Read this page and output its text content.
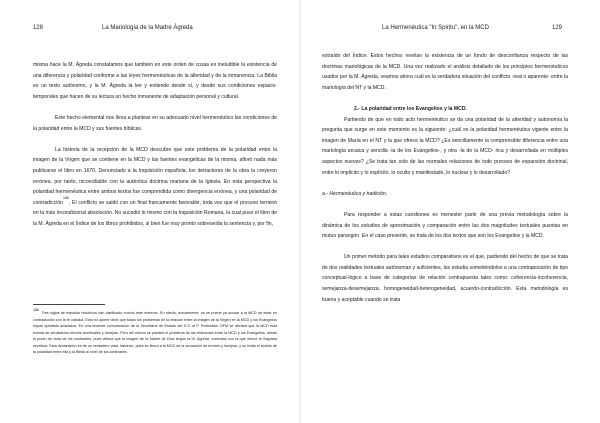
128	La Mariología de la Madre Ágreda

misma hace la M. Ágreda constatamos que también en este orden de cosas es ineludible la existencia de una diferencia y polaridad conforme a las leyes hermenéuticas de la alteridad y de la inmanencia. La Biblia es un texto autónomo, y la M. Ágreda la lee y entiende desde sí, y desde sus condiciones espacio-temporales que hacen de su lectura un hecho inmanente de adaptación personal y cultural.

Este hecho elemental nos lleva a plantear en su adecuado nivel hermenéutico las condiciones de la polaridad entre la MCD y sus fuentes bíblicas.

La historia de la recepción de la MCD descubre que este problema de la polaridad entre la imagen de la Virgen que se contiene en la MCD y las fuentes evangélicas de la misma, afloró nada más publicarse el libro en 1670. Denunciado a la Inquisición española, los detractores de la obra la creyeron errónea, por tanto, inconciliable con la auténtica doctrina mariana de la Iglesia. En esta perspectiva la polaridad hermenéutica entre ambos textos fue comprendida como divergencia errónea, y una polaridad de contradicción$^{186}$. El conflicto se saldó con un final francamente favorable, toda vez que el proceso terminó en la más incondicional absolución. No sucedió lo mismo con la Inquisición Romana, la cual puso el libro de la M. Ágreda en el Índice de los libros prohibidos, si bien fue muy pronto sobreseída la sentencia y, por fin,

$^{186}$  Tres siglos de estudios históricos han clarificado mucho este extremo. En efecto, actualmente, no se puede ya acusar a la MCD de estar en contradicción con la fe católica. Esto no quiere decir que todos los problemas de la relación entre la imagen de la Virgen en la MCD y los Evangelios hayan quedado aclarados. En una reciente comunicación de la Secretaría de Estado del S.S. al P. Postulador OFM se declara que la MCD está exenta de verdaderos errores doctrinales y herejías. Pero allí mismo se plantea el problema de las relaciones entre la MCD y los Evangelios, desde el punto de vista de los contrastes, pues afirma que la imagen de la Madre de Dios según la M. Ágreda, contrasta con la que ofrece la Sagrada escritura. Esta declaración es de un verdadero valor histórico, pues se libera a la MCD de la acusación de errores y herejías, y se limita el ámbito de la polaridad entre ella y la Biblia al nivel de los contrastes.
La Hermenéutica "In Spiritu", en la MCD	129

extraído del Índice. Estos hechos revelan la existencia de un fondo de desconfianza respecto de las doctrinas mariológicas de la MCD. Una vez realizado el análisis detallado de los principios hermenéuticos usados por la M. Ágreda, veamos ahora cuál es la verdadera situación del conflicto -real o aparente- entre la mariología del NT y la MCD.

2.- La polaridad entre los Evangelios y la MCD.

Partiendo de que en todo acto hermenéutico se da una polaridad de la alteridad y autonomía la pregunta que surge en este momento es la siguiente: ¿cuál es la polaridad hermenéutica vigente entre la imagen de María en el NT y la que ofrece la MCD? ¿Es sencillamente la comprensible diferencia entre una mariología arcaica y sencilla -la de los Evangelios-, y otra -la de la MCD- rica y desarrollada en múltiples aspectos nuevos? ¿Se trata tan solo de las normales relaciones de todo proceso de expansión doctrinal, entre lo implícito y lo explícito, lo oculto y manifestado, lo nuclear y lo desarrollado?

a.- Hermenéutica y tradición.

Para responder a estas cuestiones es menester partir de una previa metodología sobre la dinámica de los estudios de aproximación y comparación entre las dos magnitudes textuales puestas en mutuo parangón. En el caso presente, se trata de los dos textos que son los Evangelios y la MCD.

Un primer método para tales estudios comparativos es el que, partiendo del hecho de que se trata de dos realidades textuales autónomas y suficientes, los estudia sometiéndolos a una contraposición de tipo conceptual-lógico a base de categorías de relación contrapuesta tales como: coherencia-incoherencia, semejanza-desemejanza, homogeneidad-heterogeneidad, acuerdo-contradicción. Esta metodología es buena y aceptable cuando se trata
